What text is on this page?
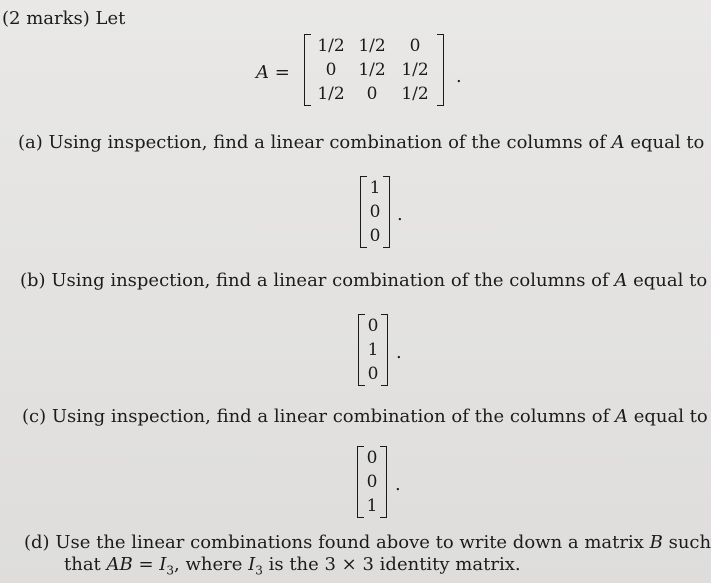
(2 marks) Let
A =
1/2 1/2	0
0	1/2 1/2
1/2	0	1/2
.
(a) Using inspection, find a linear combination of the columns of A equal to
1
0
0
.
(b) Using inspection, find a linear combination of the columns of A equal to
0
1
0
.
(c) Using inspection, find a linear combination of the columns of A equal to
0
0
1
.
(d) Use the linear combinations found above to write down a matrix B such
that AB = $I_3$, where $I_3$ is the 3 × 3 identity matrix.
